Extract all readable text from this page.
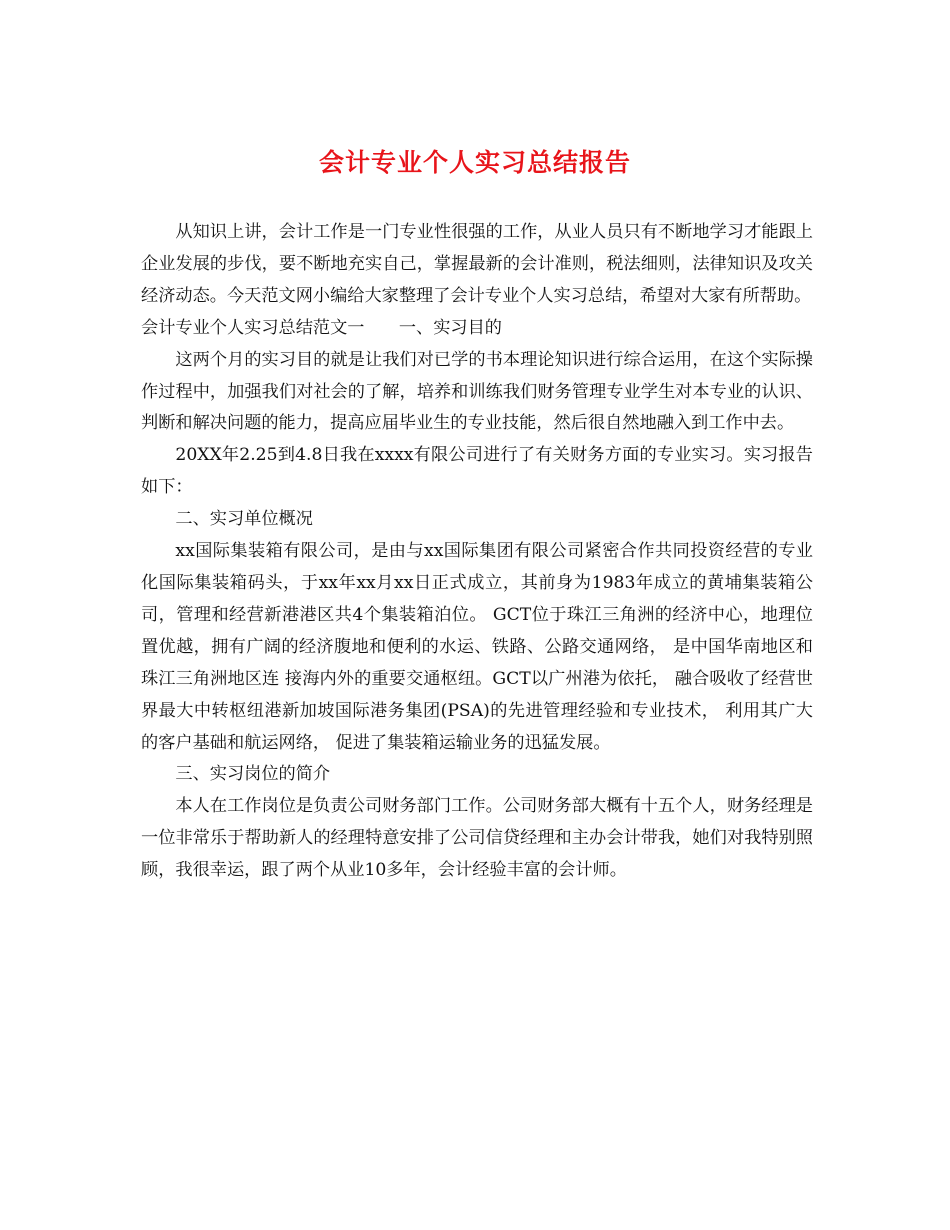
会计专业个人实习总结报告

从知识上讲，会计工作是一门专业性很强的工作，从业人员只有不断地学习才能跟上企业发展的步伐，要不断地充实自己，掌握最新的会计准则，税法细则，法律知识及攻关经济动态。今天范文网小编给大家整理了会计专业个人实习总结，希望对大家有所帮助。

会计专业个人实习总结范文一　　一、实习目的

这两个月的实习目的就是让我们对已学的书本理论知识进行综合运用，在这个实际操作过程中，加强我们对社会的了解，培养和训练我们财务管理专业学生对本专业的认识、判断和解决问题的能力，提高应届毕业生的专业技能，然后很自然地融入到工作中去。

20XX年2.25到4.8日我在xxxx有限公司进行了有关财务方面的专业实习。实习报告如下：

二、实习单位概况

xx国际集装箱有限公司，是由与xx国际集团有限公司紧密合作共同投资经营的专业化国际集装箱码头，于xx年xx月xx日正式成立，其前身为1983年成立的黄埔集装箱公司，管理和经营新港港区共4个集装箱泊位。 GCT位于珠江三角洲的经济中心，地理位置优越，拥有广阔的经济腹地和便利的水运、铁路、公路交通网络， 是中国华南地区和珠江三角洲地区连 接海内外的重要交通枢纽。GCT以广州港为依托， 融合吸收了经营世界最大中转枢纽港新加坡国际港务集团(PSA)的先进管理经验和专业技术， 利用其广大的客户基础和航运网络， 促进了集装箱运输业务的迅猛发展。

三、实习岗位的简介

本人在工作岗位是负责公司财务部门工作。公司财务部大概有十五个人，财务经理是一位非常乐于帮助新人的经理特意安排了公司信贷经理和主办会计带我，她们对我特别照顾，我很幸运，跟了两个从业10多年，会计经验丰富的会计师。
